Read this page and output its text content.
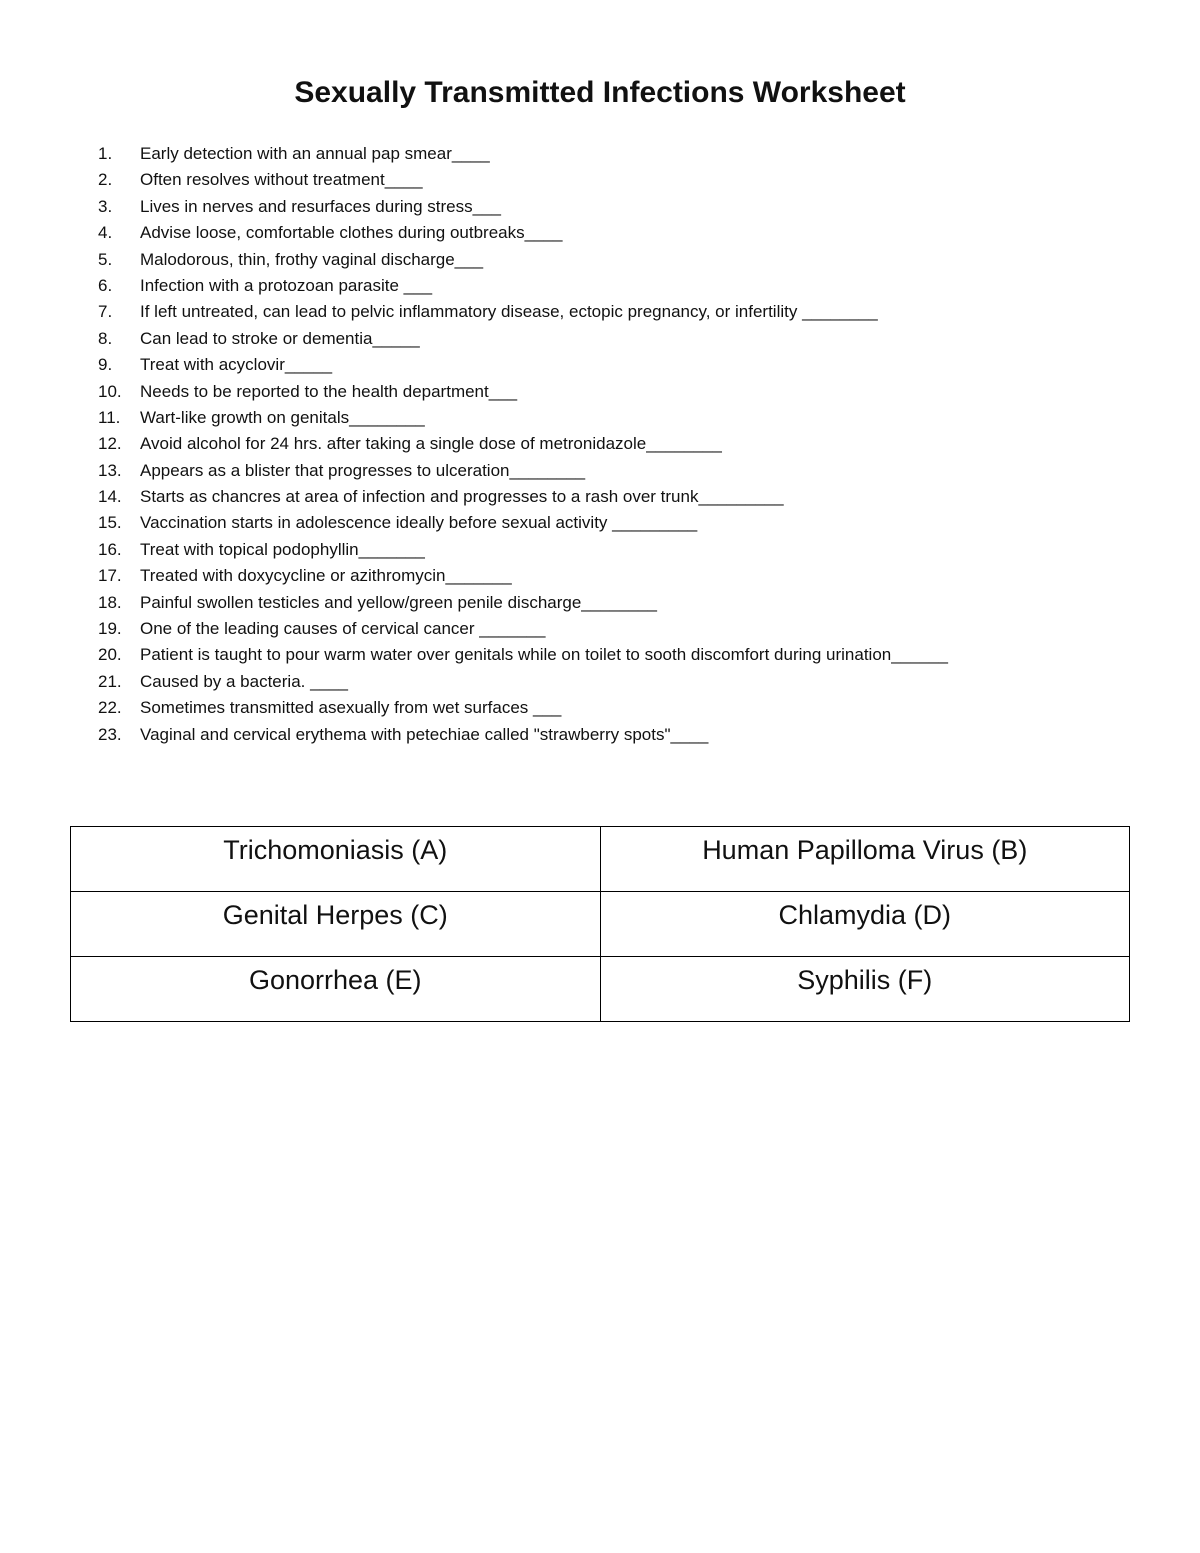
Sexually Transmitted Infections Worksheet
1.	Early detection with an annual pap smear____
2.	Often resolves without treatment____
3.	Lives in nerves and resurfaces during stress___
4.	Advise loose, comfortable clothes during outbreaks____
5.	Malodorous, thin, frothy vaginal discharge___
6.	Infection with a protozoan parasite ___
7.	If left untreated, can lead to pelvic inflammatory disease, ectopic pregnancy, or infertility ________
8.	Can lead to stroke or dementia_____
9.	Treat with acyclovir_____
10.	Needs to be reported to the health department___
11.	Wart-like growth on genitals________
12.	Avoid alcohol for 24 hrs. after taking a single dose of metronidazole________
13.	Appears as a blister that progresses to ulceration________
14.	Starts as chancres at area of infection and progresses to a rash over trunk_________
15.	Vaccination starts in adolescence ideally before sexual activity _________
16.	Treat with topical podophyllin_______
17.	Treated with doxycycline or azithromycin_______
18.	Painful swollen testicles and yellow/green penile discharge________
19.	One of the leading causes of cervical cancer _______
20.	Patient is taught to pour warm water over genitals while on toilet to sooth discomfort during urination______
21.	Caused by a bacteria. ____
22.	Sometimes transmitted asexually from wet surfaces ___
23.	Vaginal and cervical erythema with petechiae called "strawberry spots"____
Trichomoniasis (A)	Human Papilloma Virus (B)
Genital Herpes (C)	Chlamydia (D)
Gonorrhea (E)	Syphilis (F)
